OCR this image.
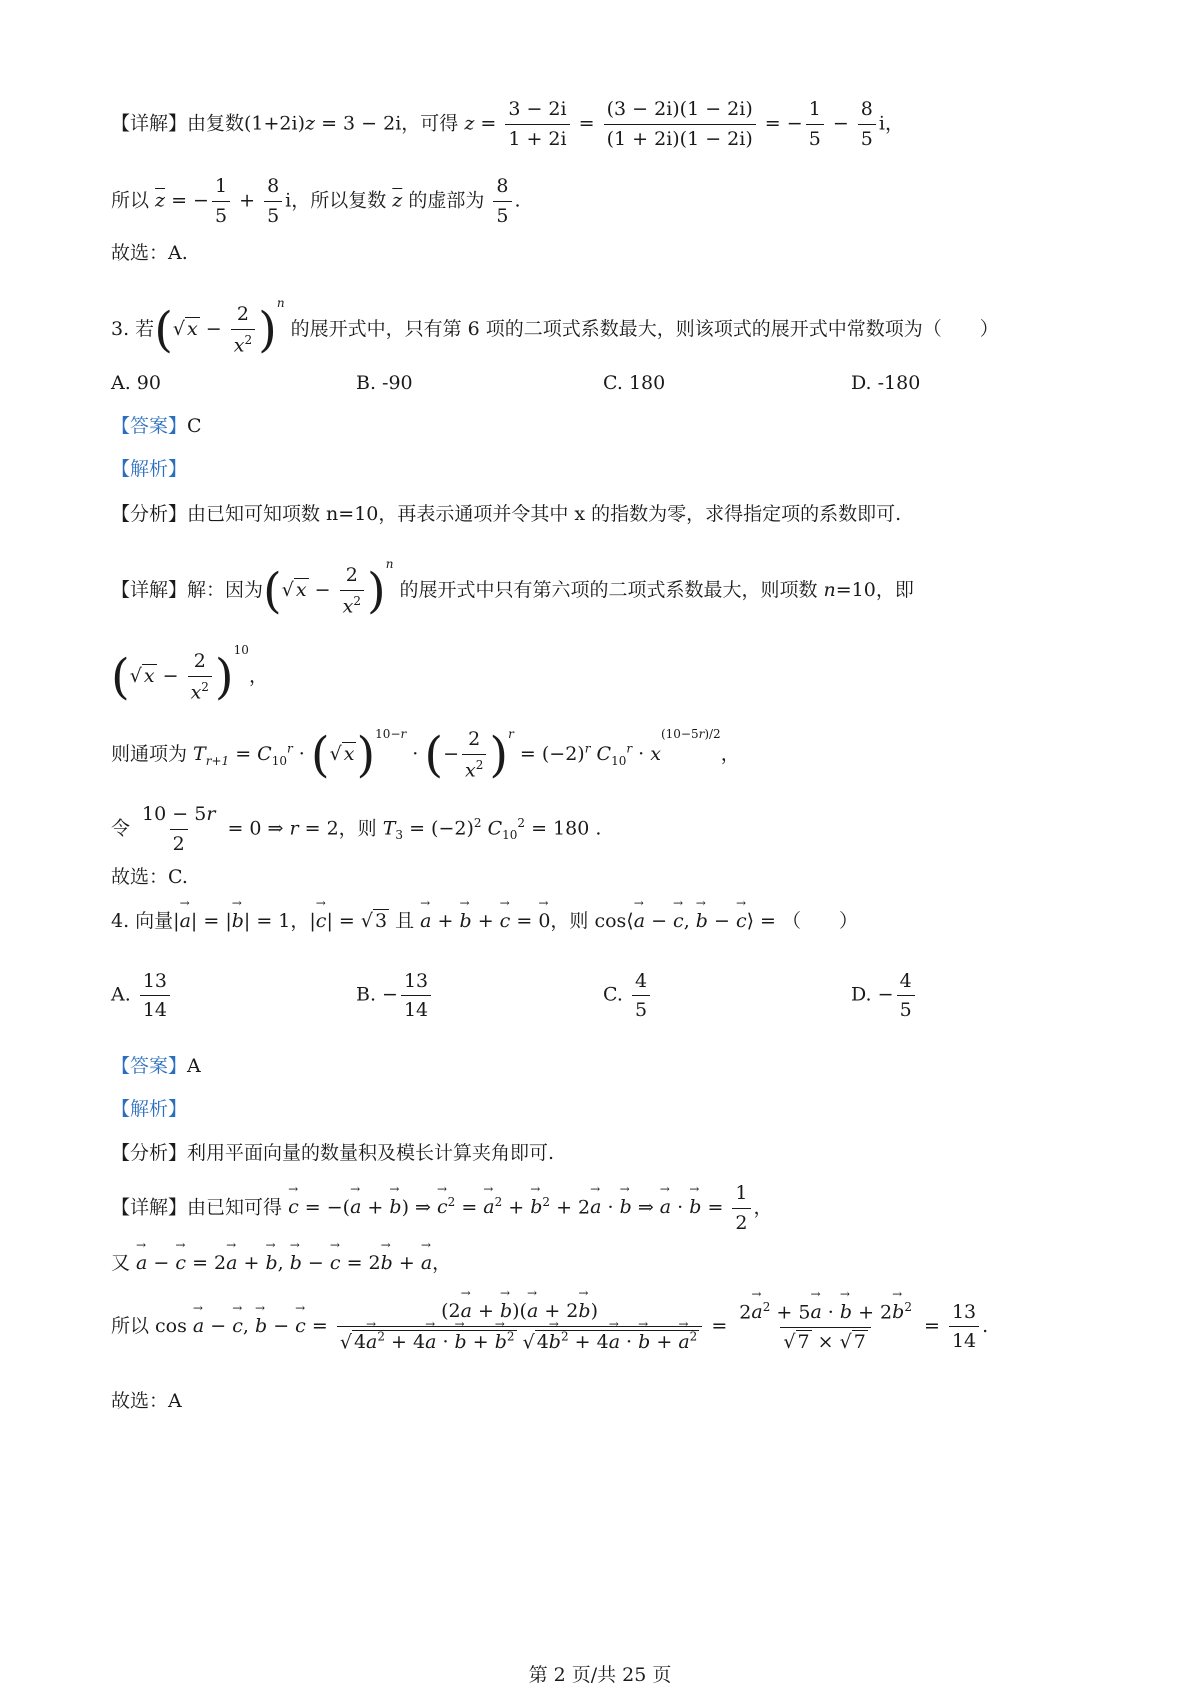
【详解】由复数(1+2i)z = 3 − 2i，可得 $z = \frac{3 - 2i}{1 + 2i} = \frac{(3 - 2i)(1 - 2i)}{(1 + 2i)(1 - 2i)}$ = − $\frac{1}{5} - \frac{8}{5}$ i，
所以 $\overline{z}$ = − $\frac{1}{5} + \frac{8}{5}$ i，所以复数 $\overline{z}$ 的虚部为 $\frac{8}{5}$ .
故选：A.
3. 若(√ $x - \frac{2}{x^2} )^n$ 的展开式中，只有第 6 项的二项式系数最大，则该项式的展开式中常数项为（　　）
A. 90	B. -90	C. 180	D. -180
【答案】C
【解析】
【分析】由已知可知项数 n=10，再表示通项并令其中 x 的指数为零，求得指定项的系数即可.
【详解】解：因为(√ $x - \frac{2}{x^2} )^n$ 的展开式中只有第六项的二项式系数最大，则项数 n=10，即
(√ $x - \frac{2}{x^2} )^{10}$，
则通项为 $T_{r+1} = C_{10}^r$ · (√ x)$^{10-r}$ · (− $\frac{2}{x^2} )^r = (-2)^r$ $C_{10}^r \cdot x^{(10-5r)/2}$，
令 $\frac{10 - 5r}{2} = 0$ ⇒ r = 2，则 $T_3 = (-2)^2$ $C_{10}^2 = 180$ .
故选：C.
4. 向量|→ a| = |→ b| = 1，|→ c| = √ 3 且 → a + → b + → c = → 0，则 cos⟨→ a − → c, → b − → c⟩ = （　　）
A. $\frac{13}{14}$	B. − $\frac{13}{14}$	C. $\frac{4}{5}$	D. − $\frac{4}{5}$
【答案】A
【解析】
【分析】利用平面向量的数量积及模长计算夹角即可.
【详解】由已知可得 → c = −(→ a + → b) ⇒ → $c^2$ = → $a^2$ + → $b^2 + 2\to a$ · → b ⇒ → a · → $b = \frac{1}{2}$ ，
又 → a − → c = 2→ a + → b, → b − → c = 2→ b + → a，
所以 cos → a − → c, → b − → $c = \frac{(2\to a + \to b)(\to a + 2\to b)}{√ 4\to a^2 + 4\to a \cdot \to b + \to b^2 √ 4\to b^2 + 4\to a \cdot \to b + \to a^2} = \frac{2\to a^2 + 5\to a \cdot \to b + 2\to b^2}{√ 7 \times √ 7} = \frac{13}{14}$ .
故选：A
第 2 页/共 25 页
